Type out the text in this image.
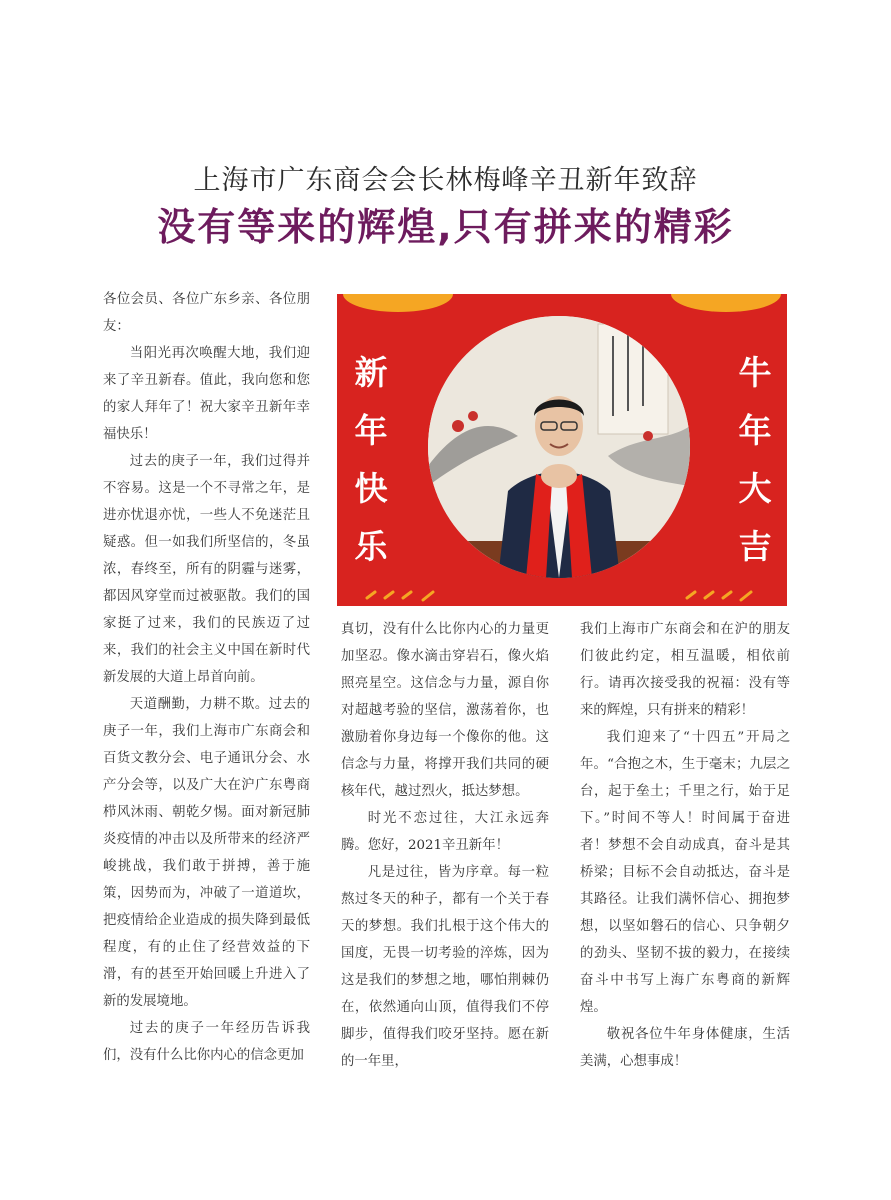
上海市广东商会会长林梅峰辛丑新年致辞
没有等来的辉煌,只有拼来的精彩
新
年
快
乐
牛
年
大
吉

各位会员、各位广东乡亲、各位朋友：

当阳光再次唤醒大地，我们迎来了辛丑新春。值此，我向您和您的家人拜年了！祝大家辛丑新年幸福快乐！

过去的庚子一年，我们过得并不容易。这是一个不寻常之年，是进亦忧退亦忧，一些人不免迷茫且疑惑。但一如我们所坚信的，冬虽浓，春终至，所有的阴霾与迷雾，都因风穿堂而过被驱散。我们的国家挺了过来，我们的民族迈了过来，我们的社会主义中国在新时代新发展的大道上昂首向前。

天道酬勤，力耕不欺。过去的庚子一年，我们上海市广东商会和百货文教分会、电子通讯分会、水产分会等，以及广大在沪广东粤商栉风沐雨、朝乾夕惕。面对新冠肺炎疫情的冲击以及所带来的经济严峻挑战，我们敢于拼搏，善于施策，因势而为，冲破了一道道坎，把疫情给企业造成的损失降到最低程度，有的止住了经营效益的下滑，有的甚至开始回暖上升进入了新的发展境地。

过去的庚子一年经历告诉我们，没有什么比你内心的信念更加

真切，没有什么比你内心的力量更加坚忍。像水滴击穿岩石，像火焰照亮星空。这信念与力量，源自你对超越考验的坚信，激荡着你，也激励着你身边每一个像你的他。这信念与力量，将撑开我们共同的硬核年代，越过烈火，抵达梦想。

时光不恋过往，大江永远奔腾。您好，2021辛丑新年！

凡是过往，皆为序章。每一粒熬过冬天的种子，都有一个关于春天的梦想。我们扎根于这个伟大的国度，无畏一切考验的淬炼，因为这是我们的梦想之地，哪怕荆棘仍在，依然通向山顶，值得我们不停脚步，值得我们咬牙坚持。愿在新的一年里，

我们上海市广东商会和在沪的朋友们彼此约定，相互温暖，相依前行。请再次接受我的祝福：没有等来的辉煌，只有拼来的精彩！

我们迎来了“十四五”开局之年。“合抱之木，生于毫末；九层之台，起于垒土；千里之行，始于足下。”时间不等人！时间属于奋进者！梦想不会自动成真，奋斗是其桥梁；目标不会自动抵达，奋斗是其路径。让我们满怀信心、拥抱梦想，以坚如磐石的信心、只争朝夕的劲头、坚韧不拔的毅力，在接续奋斗中书写上海广东粤商的新辉煌。

敬祝各位牛年身体健康，生活美满，心想事成！
